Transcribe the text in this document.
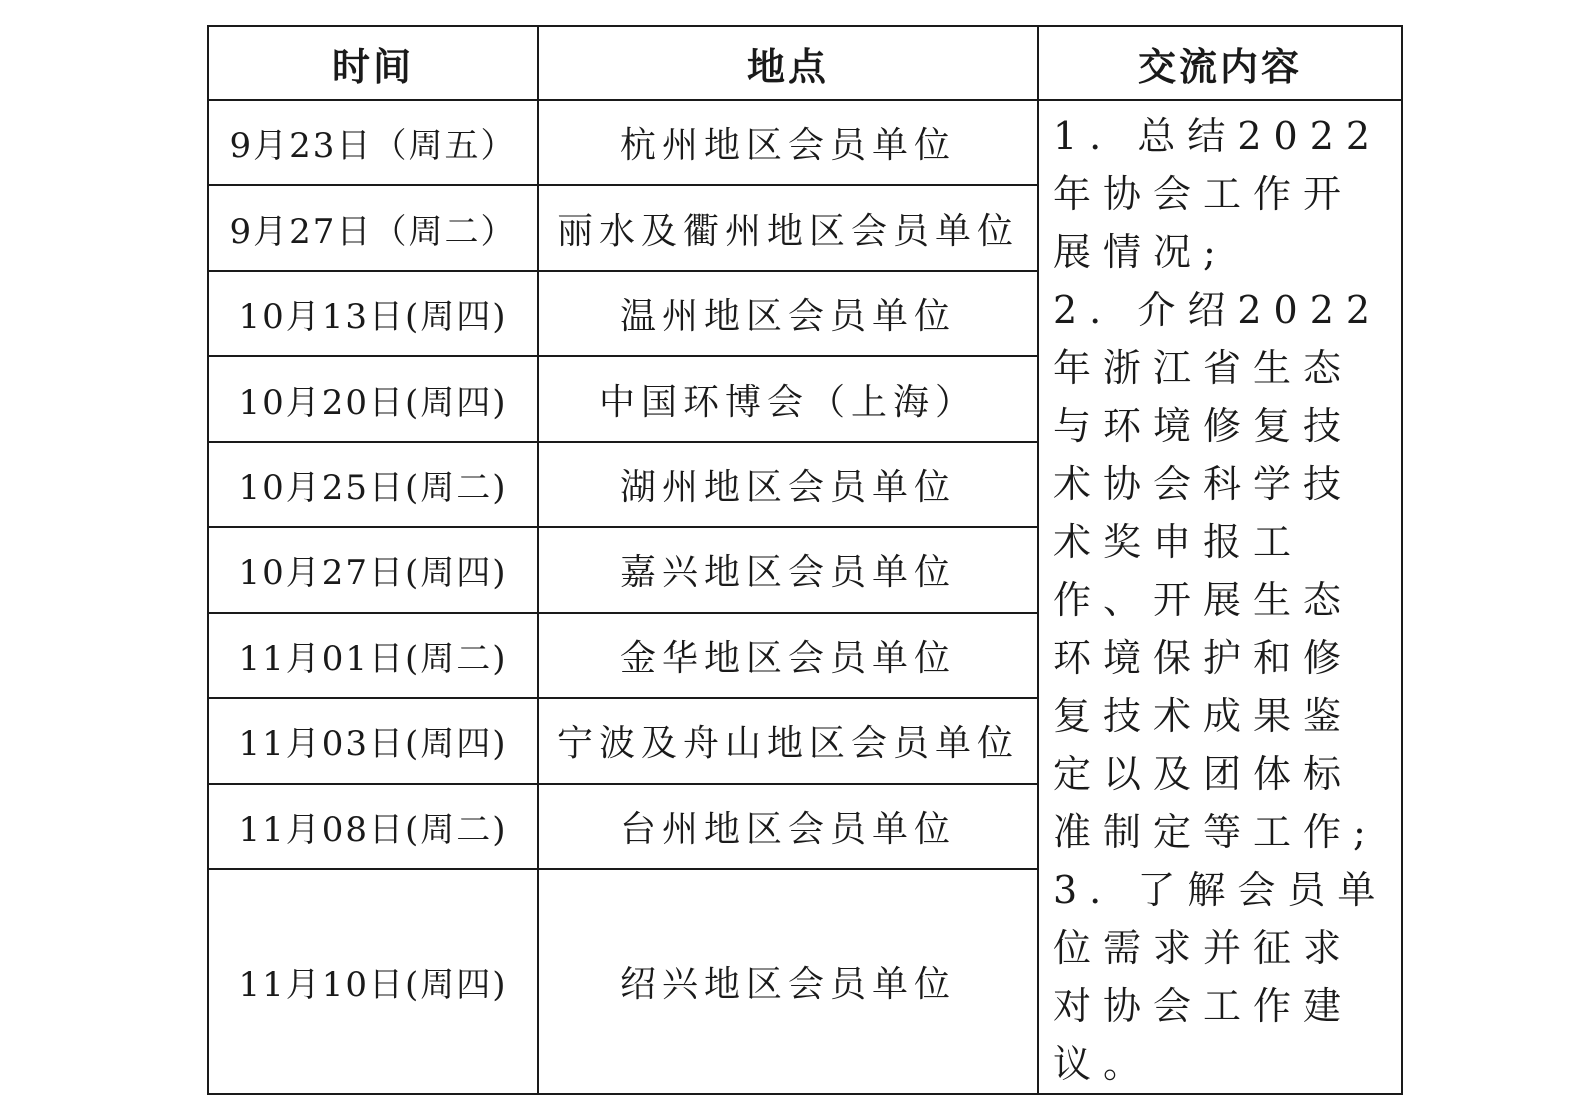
时间	地点	交流内容
9月23日（周五）	杭州地区会员单位	1. 总结2022年协会工作开展情况;
2. 介绍2022年浙江省生态与环境修复技术协会科学技术奖申报工作、开展生态环境保护和修复技术成果鉴定以及团体标准制定等工作;
3. 了解会员单位需求并征求对协会工作建议。

9月27日（周二）	丽水及衢州地区会员单位	
10月13日(周四)	温州地区会员单位	
10月20日(周四)	中国环博会（上海）	
10月25日(周二)	湖州地区会员单位	
10月27日(周四)	嘉兴地区会员单位	
11月01日(周二)	金华地区会员单位	
11月03日(周四)	宁波及舟山地区会员单位	
11月08日(周二)	台州地区会员单位	
11月10日(周四)	绍兴地区会员单位	
